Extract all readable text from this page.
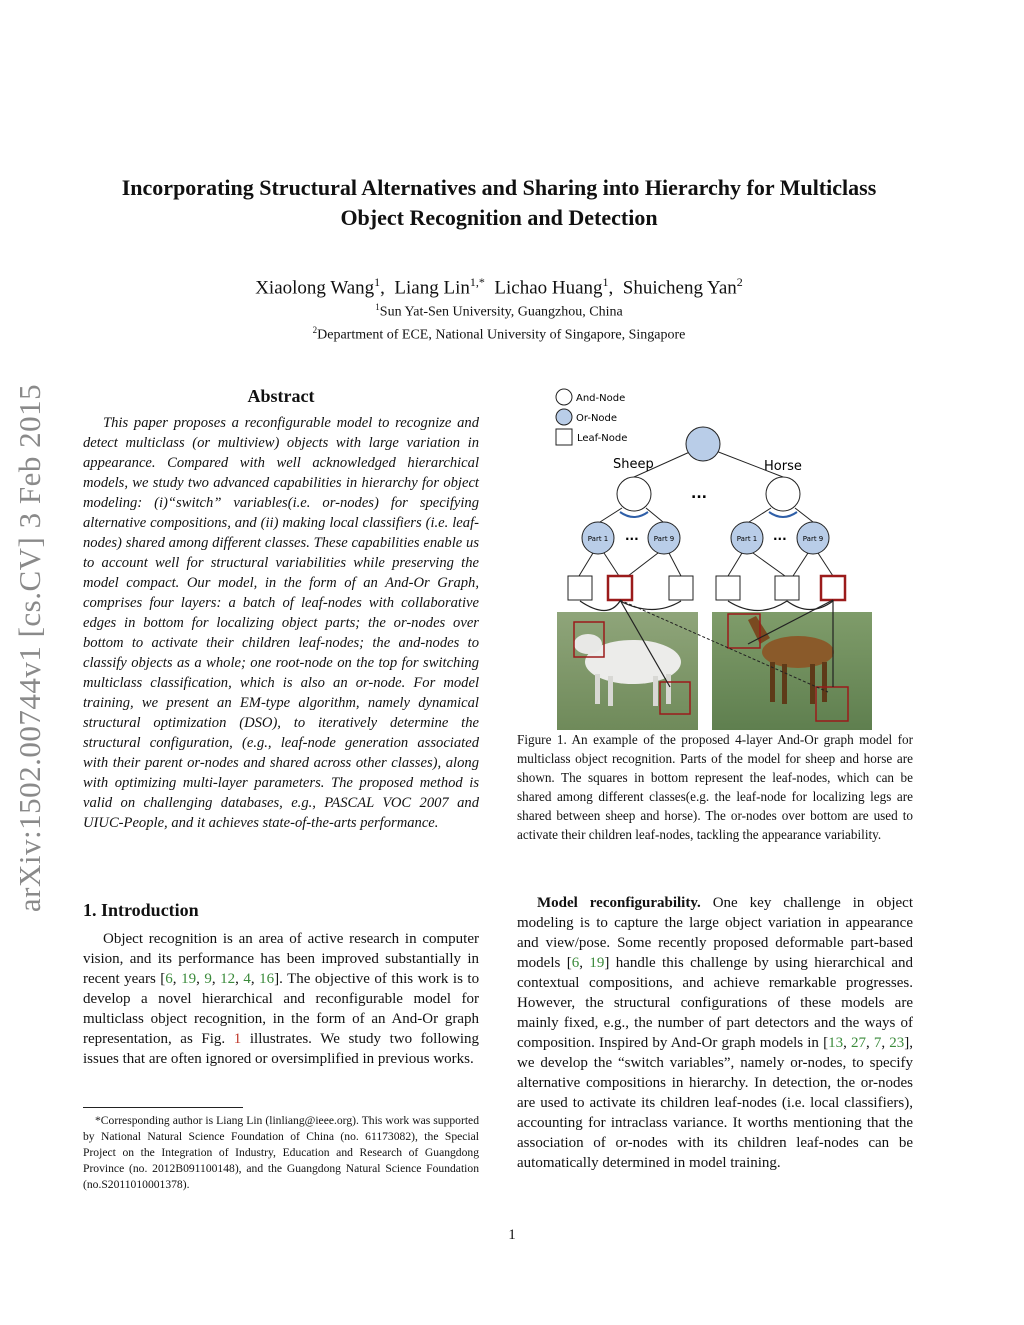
arXiv:1502.00744v1 [cs.CV] 3 Feb 2015
Incorporating Structural Alternatives and Sharing into Hierarchy for Multiclass
Object Recognition and Detection
Xiaolong Wang$^1$,  Liang Lin$^{1,*}$ Lichao Huang$^1$,  Shuicheng Yan$^2$
$^1$Sun Yat-Sen University, Guangzhou, China
$^2$Department of ECE, National University of Singapore, Singapore
Abstract

This paper proposes a reconfigurable model to recognize and detect multiclass (or multiview) objects with large variation in appearance. Compared with well acknowledged hierarchical models, we study two advanced capabilities in hierarchy for object modeling: (i)“switch” variables(i.e. or-nodes) for specifying alternative compositions, and (ii) making local classifiers (i.e. leaf-nodes) shared among different classes. These capabilities enable us to account well for structural variabilities while preserving the model compact. Our model, in the form of an And-Or Graph, comprises four layers: a batch of leaf-nodes with collaborative edges in bottom for localizing object parts; the or-nodes over bottom to activate their children leaf-nodes; the and-nodes to classify objects as a whole; one root-node on the top for switching multiclass classification, which is also an or-node. For model training, we present an EM-type algorithm, namely dynamical structural optimization (DSO), to iteratively determine the structural configuration, (e.g., leaf-node generation associated with their parent or-nodes and shared across other classes), along with optimizing multi-layer parameters. The proposed method is valid on challenging databases, e.g., PASCAL VOC 2007 and UIUC-People, and it achieves state-of-the-arts performance.

1. Introduction

Object recognition is an area of active research in computer vision, and its performance has been improved substantially in recent years [6, 19, 9, 12, 4, 16]. The objective of this work is to develop a novel hierarchical and reconfigurable model for multiclass object recognition, in the form of an And-Or graph representation, as Fig. 1 illustrates. We study two following issues that are often ignored or oversimplified in previous works.

*Corresponding author is Liang Lin (linliang@ieee.org). This work was supported by National Natural Science Foundation of China (no. 61173082), the Special Project on the Integration of Industry, Education and Research of Guangdong Province (no. 2012B091100148), and the Guangdong Natural Science Foundation (no.S2011010001378).

And-Node
Or-Node
Leaf-Node
Sheep	Horse
...
Part 1 ... Part 9	Part 1 ... Part 9

Figure 1. An example of the proposed 4-layer And-Or graph model for multiclass object recognition. Parts of the model for sheep and horse are shown. The squares in bottom represent the leaf-nodes, which can be shared among different classes(e.g. the leaf-node for localizing legs are shared between sheep and horse). The or-nodes over bottom are used to activate their children leaf-nodes, tackling the appearance variability.

Model reconfigurability. One key challenge in object modeling is to capture the large object variation in appearance and view/pose. Some recently proposed deformable part-based models [6, 19] handle this challenge by using hierarchical and contextual compositions, and achieve remarkable progresses. However, the structural configurations of these models are mainly fixed, e.g., the number of part detectors and the ways of composition. Inspired by And-Or graph models in [13, 27, 7, 23], we develop the “switch variables”, namely or-nodes, to specify alternative compositions in hierarchy. In detection, the or-nodes are used to activate its children leaf-nodes (i.e. local classifiers), accounting for intraclass variance. It worths mentioning that the association of or-nodes with its children leaf-nodes can be automatically determined in model training.

1
